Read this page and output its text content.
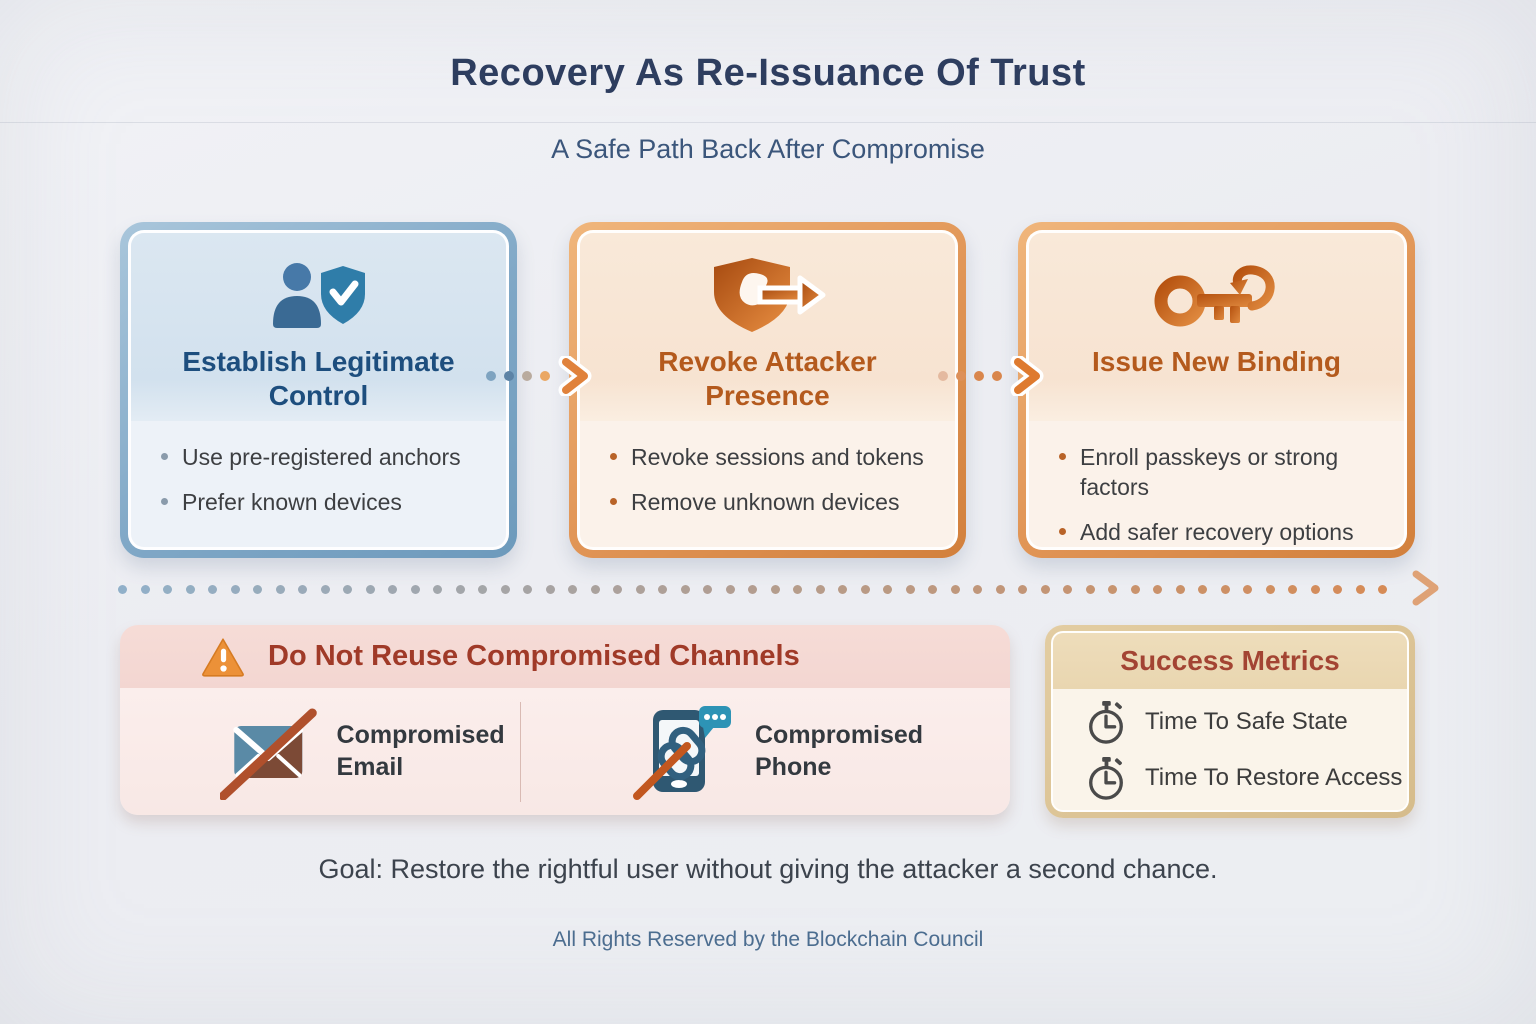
Recovery As Re-Issuance Of Trust
A Safe Path Back After Compromise
Establish Legitimate Control
Use pre-registered anchors
Prefer known devices
Revoke Attacker Presence
Revoke sessions and tokens
Remove unknown devices
Issue New Binding
Enroll passkeys or strong factors
Add safer recovery options
Do Not Reuse Compromised Channels
Compromised Email
Compromised Phone
Success Metrics
Time To Safe State
Time To Restore Access
Goal: Restore the rightful user without giving the attacker a second chance.
All Rights Reserved by the Blockchain Council
